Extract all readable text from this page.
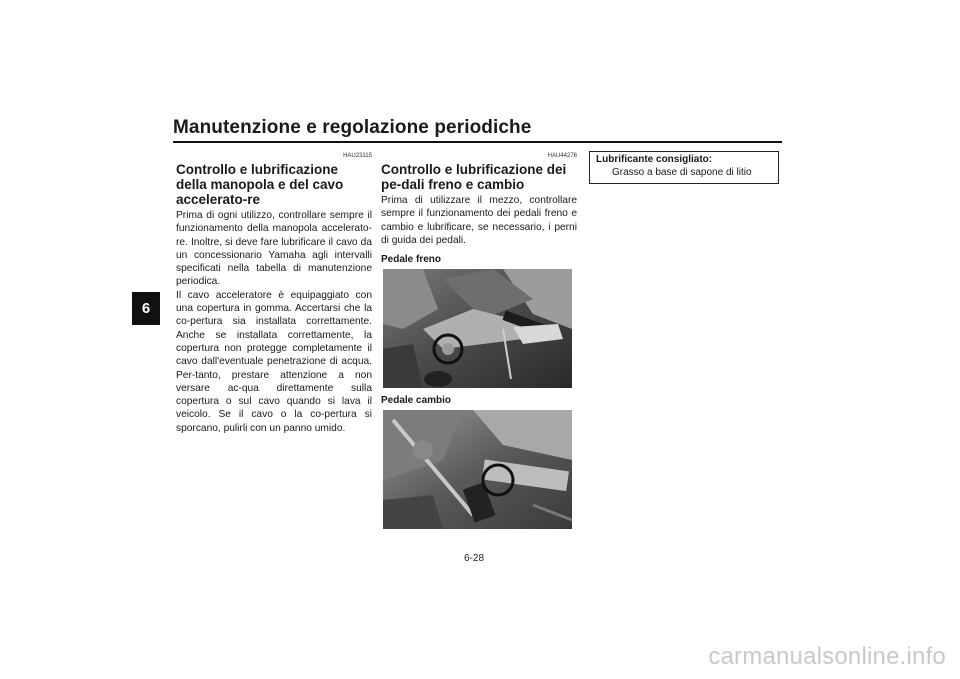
Manutenzione e regolazione periodiche
6
HAU23115
Controllo e lubrificazione della manopola e del cavo accelerato-re

Prima di ogni utilizzo, controllare sempre il funzionamento della manopola accelerato-re. Inoltre, si deve fare lubrificare il cavo da un concessionario Yamaha agli intervalli specificati nella tabella di manutenzione periodica.

Il cavo acceleratore è equipaggiato con una copertura in gomma. Accertarsi che la co-pertura sia installata correttamente. Anche se installata correttamente, la copertura non protegge completamente il cavo dall'eventuale penetrazione di acqua. Per-tanto, prestare attenzione a non versare ac-qua direttamente sulla copertura o sul cavo quando si lava il veicolo. Se il cavo o la co-pertura si sporcano, pulirli con un panno umido.

HAU44276
Controllo e lubrificazione dei pe-dali freno e cambio

Prima di utilizzare il mezzo, controllare sempre il funzionamento dei pedali freno e cambio e lubrificare, se necessario, i perni di guida dei pedali.

Pedale freno
Pedale cambio
Lubrificante consigliato:
Grasso a base di sapone di litio
6-28
carmanualsonline.info
